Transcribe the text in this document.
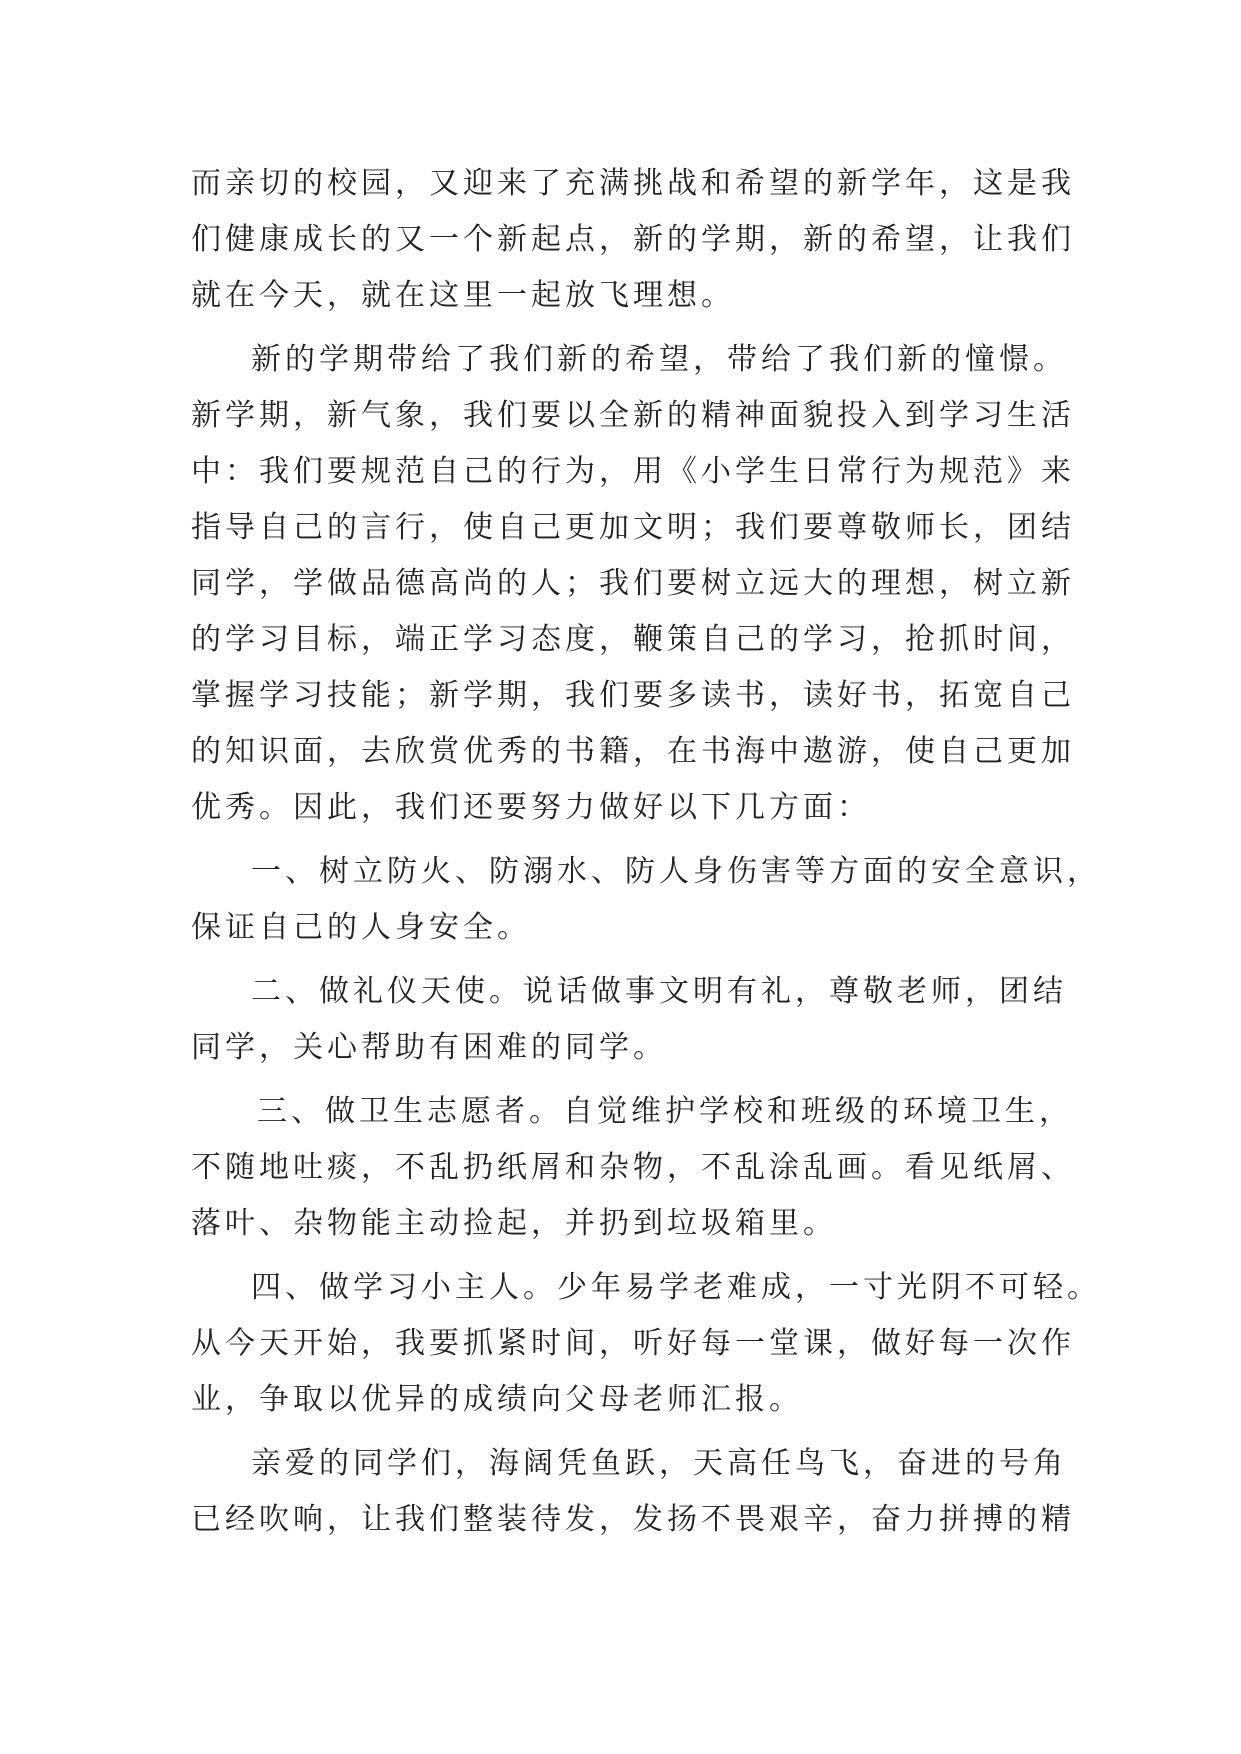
而亲切的校园，又迎来了充满挑战和希望的新学年，这是我
们健康成长的又一个新起点，新的学期，新的希望，让我们
就在今天，就在这里一起放飞理想。
新的学期带给了我们新的希望，带给了我们新的憧憬。
新学期，新气象，我们要以全新的精神面貌投入到学习生活
中：我们要规范自己的行为，用《小学生日常行为规范》来
指导自己的言行，使自己更加文明；我们要尊敬师长，团结
同学，学做品德高尚的人；我们要树立远大的理想，树立新
的学习目标，端正学习态度，鞭策自己的学习，抢抓时间，
掌握学习技能；新学期，我们要多读书，读好书，拓宽自己
的知识面，去欣赏优秀的书籍，在书海中遨游，使自己更加
优秀。因此，我们还要努力做好以下几方面：
一、树立防火、防溺水、防人身伤害等方面的安全意识，
保证自己的人身安全。
二、做礼仪天使。说话做事文明有礼，尊敬老师，团结
同学，关心帮助有困难的同学。
三、做卫生志愿者。自觉维护学校和班级的环境卫生，
不随地吐痰，不乱扔纸屑和杂物，不乱涂乱画。看见纸屑、
落叶、杂物能主动捡起，并扔到垃圾箱里。
四、做学习小主人。少年易学老难成，一寸光阴不可轻。
从今天开始，我要抓紧时间，听好每一堂课，做好每一次作
业，争取以优异的成绩向父母老师汇报。
亲爱的同学们，海阔凭鱼跃，天高任鸟飞，奋进的号角
已经吹响，让我们整装待发，发扬不畏艰辛，奋力拼搏的精
